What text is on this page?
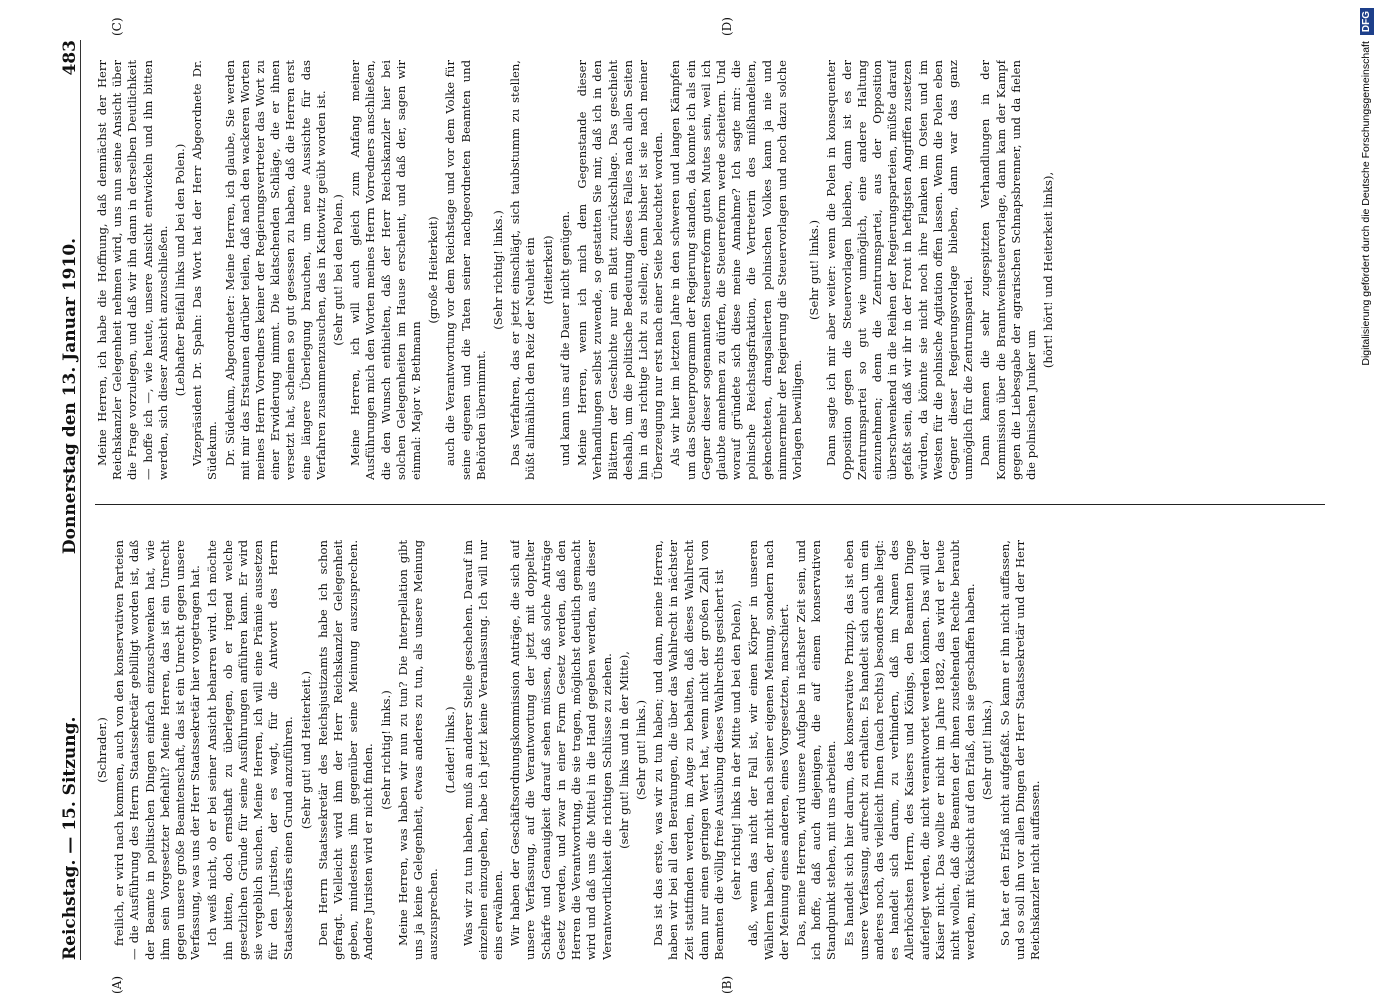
Reichstag. — 15. Sitzung.
Donnerstag den 13. Januar 1910.
483
(A)	(B)
(C)	(D)

(Schrader.) freilich, er wird nach kommen, auch von den konservativen Parteien — die Ausführung des Herrn Staatssekretär gebilligt worden ist, daß der Beamte in politischen Dingen einfach einzuschwenken hat, wie ihm sein Vorgesetzter befiehlt? Meine Herren, das ist ein Unrecht gegen unsere große Beamtenschaft, das ist ein Unrecht gegen unsere Verfassung, was uns der Herr Staatssekretär hier vorgetragen hat. Ich weiß nicht, ob er bei seiner Ansicht beharren wird. Ich möchte ihn bitten, doch ernsthaft zu überlegen, ob er irgend welche gesetzlichen Gründe für seine Ausführungen anführen kann. Er wird sie vergeblich suchen. Meine Herren, ich will eine Prämie aussetzen für den Juristen, der es wagt, für die Antwort des Herrn Staatssekretärs einen Grund anzuführen. (Sehr gut! und Heiterkeit.) Den Herrn Staatssekretär des Reichsjustizamts habe ich schon gefragt. Vielleicht wird ihm der Herr Reichskanzler Gelegenheit geben, mindestens ihm gegenüber seine Meinung auszusprechen. Andere Juristen wird er nicht finden. (Sehr richtig! links.) Meine Herren, was haben wir nun zu tun? Die Interpellation gibt uns ja keine Gelegenheit, etwas anderes zu tun, als unsere Meinung auszusprechen.

(Leider! links.) Was wir zu tun haben, muß an anderer Stelle geschehen. Darauf im einzelnen einzugehen, habe ich jetzt keine Veranlassung. Ich will nur eins erwähnen. Wir haben der Geschäftsordnungskommission Anträge, die sich auf unsere Verfassung, auf die Verantwortung der jetzt mit doppelter Schärfe und Genauigkeit darauf sehen müssen, daß solche Anträge Gesetz werden, und zwar in einer Form Gesetz werden, daß den Herren die Verantwortung, die sie tragen, möglichst deutlich gemacht wird und daß uns die Mittel in die Hand gegeben werden, aus dieser Verantwortlichkeit die richtigen Schlüsse zu ziehen. (sehr gut! links und in der Mitte), (Sehr gut! links.) Das ist das erste, was wir zu tun haben; und dann, meine Herren, haben wir bei all den Beratungen, die über das Wahlrecht in nächster Zeit stattfinden werden, im Auge zu behalten, daß dieses Wahlrecht dann nur einen geringen Wert hat, wenn nicht der großen Zahl von Beamten die völlig freie Ausübung dieses Wahlrechts gesichert ist (sehr richtig! links in der Mitte und bei den Polen), daß, wenn das nicht der Fall ist, wir einen Körper in unseren Wählern haben, der nicht nach seiner eigenen Meinung, sondern nach der Meinung eines anderen, eines Vorgesetzten, marschiert. Das, meine Herren, wird unsere Aufgabe in nächster Zeit sein, und ich hoffe, daß auch diejenigen, die auf einem konservativen Standpunkt stehen, mit uns arbeiten. Es handelt sich hier darum, das konservative Prinzip, das ist eben unsere Verfassung, aufrecht zu erhalten. Es handelt sich auch um ein anderes noch, das vielleicht Ihnen (nach rechts) besonders nahe liegt: es handelt sich darum, zu verhindern, daß im Namen des Allerhöchsten Herrn, des Kaisers und Königs, den Beamten Dinge auferlegt werden, die nicht verantwortet werden können. Das will der Kaiser nicht. Das wollte er nicht im Jahre 1882, das wird er heute nicht wollen, daß die Beamten der ihnen zustehenden Rechte beraubt werden, mit Rücksicht auf den Erlaß, den sie geschaffen haben. (Sehr gut! links.) So hat er den Erlaß nicht aufgefaßt. So kann er ihn nicht auffassen, und so soll ihn vor allen Dingen der Herr Staatssekretär und der Herr Reichskanzler nicht auffassen.

Meine Herren, ich habe die Hoffnung, daß demnächst der Herr Reichskanzler Gelegenheit nehmen wird, uns nun seine Ansicht über die Frage vorzulegen, und daß wir ihn dann in derselben Deutlichkeit — hoffe ich —, wie heute, unsere Ansicht entwickeln und ihn bitten werden, sich dieser Ansicht anzuschließen. (Lebhafter Beifall links und bei den Polen.) Vizepräsident Dr. Spahn: Das Wort hat der Herr Abgeordnete Dr. Südekum. Dr. Südekum, Abgeordneter: Meine Herren, ich glaube, Sie werden mit mir das Erstaunen darüber teilen, daß nach den wackeren Worten meines Herrn Vorredners keiner der Regierungsvertreter das Wort zu einer Erwiderung nimmt. Die klatschenden Schläge, die er ihnen versetzt hat, scheinen so gut gesessen zu haben, daß die Herren erst eine längere Überlegung brauchen, um neue Aussichte für das Verfahren zusammenzusuchen, das in Kattowitz geübt worden ist. (Sehr gut! bei den Polen.) Meine Herren, ich will auch gleich zum Anfang meiner Ausführungen mich den Worten meines Herrn Vorredners anschließen, die den Wunsch enthielten, daß der Herr Reichskanzler hier bei solchen Gelegenheiten im Hause erscheint, und daß der, sagen wir einmal: Major v. Bethmann

(große Heiterkeit) auch die Verantwortung vor dem Reichstage und vor dem Volke für seine eigenen und die Taten seiner nachgeordneten Beamten und Behörden übernimmt.

(Sehr richtig! links.) Das Verfahren, das er jetzt einschlägt, sich taubstumm zu stellen, büßt allmählich den Reiz der Neuheit ein (Heiterkeit) und kann uns auf die Dauer nicht genügen. Meine Herren, wenn ich mich dem Gegenstande dieser Verhandlungen selbst zuwende, so gestatten Sie mir, daß ich in den Blättern der Geschichte nur ein Blatt zurückschlage. Das geschieht deshalb, um die politische Bedeutung dieses Falles nach allen Seiten hin in das richtige Licht zu stellen; denn bisher ist sie nach meiner Überzeugung nur erst nach einer Seite beleuchtet worden. Als wir hier im letzten Jahre in den schweren und langen Kämpfen um das Steuerprogramm der Regierung standen, da konnte ich als ein Gegner dieser sogenannten Steuerreform guten Mutes sein, weil ich glaubte annehmen zu dürfen, die Steuerreform werde scheitern. Und worauf gründete sich diese meine Annahme? Ich sagte mir: die polnische Reichstagsfraktion, die Vertreterin des mißhandelten, geknechteten, drangsalierten polnischen Volkes kann ja nie und nimmermehr der Regierung die Steuervorlagen und noch dazu solche Vorlagen bewilligen.

(Sehr gut! links.) Dann sagte ich mir aber weiter: wenn die Polen in konsequenter Opposition gegen die Steuervorlagen bleiben, dann ist es der Zentrumspartei so gut wie unmöglich, eine andere Haltung einzunehmen; denn die Zentrumspartei, aus der Opposition überschwenkend in die Reihen der Regierungsparteien, müßte darauf gefaßt sein, daß wir ihr in der Front in heftigsten Angriffen zusetzen würden, da könnte sie nicht noch ihre Flanken im Osten und im Westen für die polnische Agitation offen lassen. Wenn die Polen eben Gegner dieser Regierungsvorlage blieben, dann war das ganz unmöglich für die Zentrumspartei. Dann kamen die sehr zugespitzten Verhandlungen in der Kommission über die Branntweinsteuervorlage, dann kam der Kampf gegen die Liebesgabe der agrarischen Schnapsbrenner, und da fielen die polnischen Junker um

(hört! hört! und Heiterkeit links),	Digitalisierung gefördert durch die Deutsche ForschungsgemeinschaftDFG
